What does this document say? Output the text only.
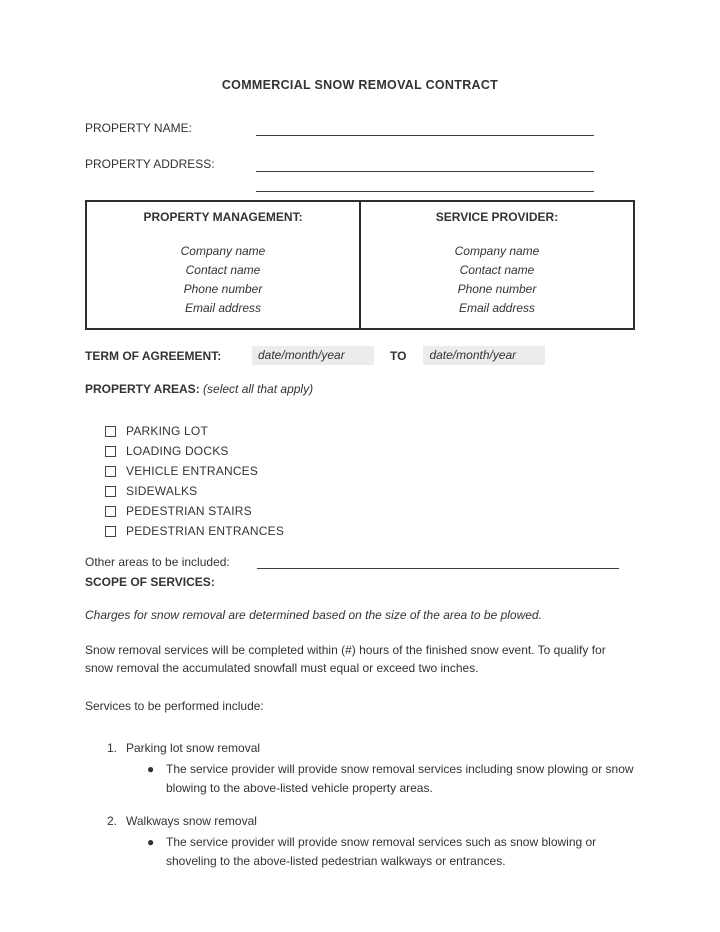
COMMERCIAL SNOW REMOVAL CONTRACT
PROPERTY NAME:
PROPERTY ADDRESS:
PROPERTY MANAGEMENT:
Company name
Contact name
Phone number
Email address
SERVICE PROVIDER:
Company name
Contact name
Phone number
Email address
TERM OF AGREEMENT:	date/month/year	TO	date/month/year
PROPERTY AREAS: (select all that apply)
PARKING LOT
LOADING DOCKS
VEHICLE ENTRANCES
SIDEWALKS
PEDESTRIAN STAIRS
PEDESTRIAN ENTRANCES
Other areas to be included:
SCOPE OF SERVICES:
Charges for snow removal are determined based on the size of the area to be plowed.
Snow removal services will be completed within (#) hours of the finished snow event. To qualify for snow removal the accumulated snowfall must equal or exceed two inches.
Services to be performed include:
1. Parking lot snow removal
● The service provider will provide snow removal services including snow plowing or snow blowing to the above-listed vehicle property areas.
2. Walkways snow removal
● The service provider will provide snow removal services such as snow blowing or shoveling to the above-listed pedestrian walkways or entrances.
